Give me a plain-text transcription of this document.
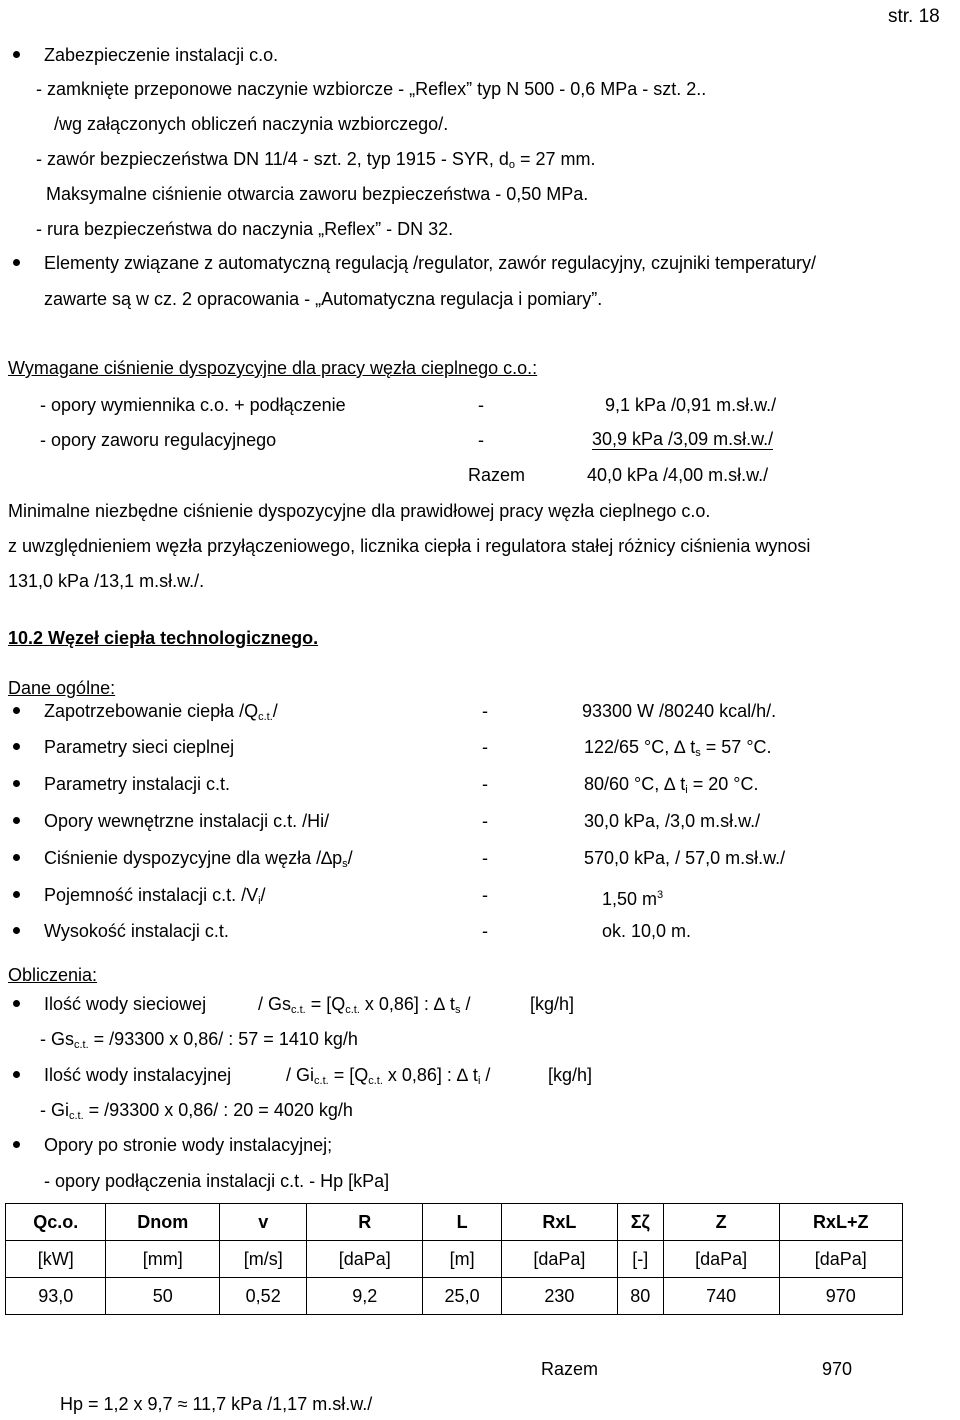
str. 18
Zabezpieczenie instalacji c.o.
- zamknięte przeponowe naczynie wzbiorcze - „Reflex” typ N 500 - 0,6 MPa - szt. 2..
/wg załączonych obliczeń naczynia wzbiorczego/.
- zawór bezpieczeństwa DN 11/4 - szt. 2, typ 1915 - SYR, $d_o = 27$ mm.
Maksymalne ciśnienie otwarcia zaworu bezpieczeństwa - 0,50 MPa.
- rura bezpieczeństwa do naczynia „Reflex” - DN 32.
Elementy związane z automatyczną regulacją /regulator, zawór regulacyjny, czujniki temperatury/
zawarte są w cz. 2 opracowania - „Automatyczna regulacja i pomiary”.
Wymagane ciśnienie dyspozycyjne dla pracy węzła cieplnego c.o.:
- opory wymiennika c.o. + podłączenie	-	9,1 kPa /0,91 m.sł.w./
- opory zaworu regulacyjnego	-	30,9 kPa /3,09 m.sł.w./
Razem	40,0 kPa /4,00 m.sł.w./
Minimalne niezbędne ciśnienie dyspozycyjne dla prawidłowej pracy węzła cieplnego c.o.
z uwzględnieniem węzła przyłączeniowego, licznika ciepła i regulatora stałej różnicy ciśnienia wynosi
131,0 kPa /13,1 m.sł.w./.
10.2 Węzeł ciepła technologicznego.
Dane ogólne:
Zapotrzebowanie ciepła $/Q_{c.t.}/$	-	93300 W /80240 kcal/h/.
Parametry sieci cieplnej	-	122/65 °C, ∆ $t_s = 57$ °C.
Parametry instalacji c.t.	-	80/60 °C, ∆ $t_i = 20$ °C.
Opory wewnętrzne instalacji c.t. /Hi/	-	30,0 kPa, /3,0 m.sł.w./
Ciśnienie dyspozycyjne dla węzła $/\Delta p_s/$	-	570,0 kPa, / 57,0 m.sł.w./
Pojemność instalacji c.t. $/V_i/$	-	1,50 $m^3$
Wysokość instalacji c.t.	-	ok. 10,0 m.
Obliczenia:
Ilość wody sieciowej	/ $Gs_{c.t.} = [Q_{c.t.}$ x 0,86] : ∆ $t_s$ /	[kg/h]
- $Gs_{c.t.} = /93300$ x 0,86/ : 57 = 1410 kg/h
Ilość wody instalacyjnej	/ $Gi_{c.t.} = [Q_{c.t.}$ x 0,86] : ∆ $t_i$ /	[kg/h]
- $Gi_{c.t.} = /93300$ x 0,86/ : 20 = 4020 kg/h
Opory po stronie wody instalacyjnej;
- opory podłączenia instalacji c.t. - Hp [kPa]
Qc.o.	Dnom	v	R	L	RxL	Σζ	Z	RxL+Z
[kW]	[mm]	[m/s]	[daPa]	[m]	[daPa]	[-]	[daPa]	[daPa]
93,0	50	0,52	9,2	25,0	230	80	740	970
Razem	970
Hp = 1,2 x 9,7 ≈ 11,7 kPa /1,17 m.sł.w./
